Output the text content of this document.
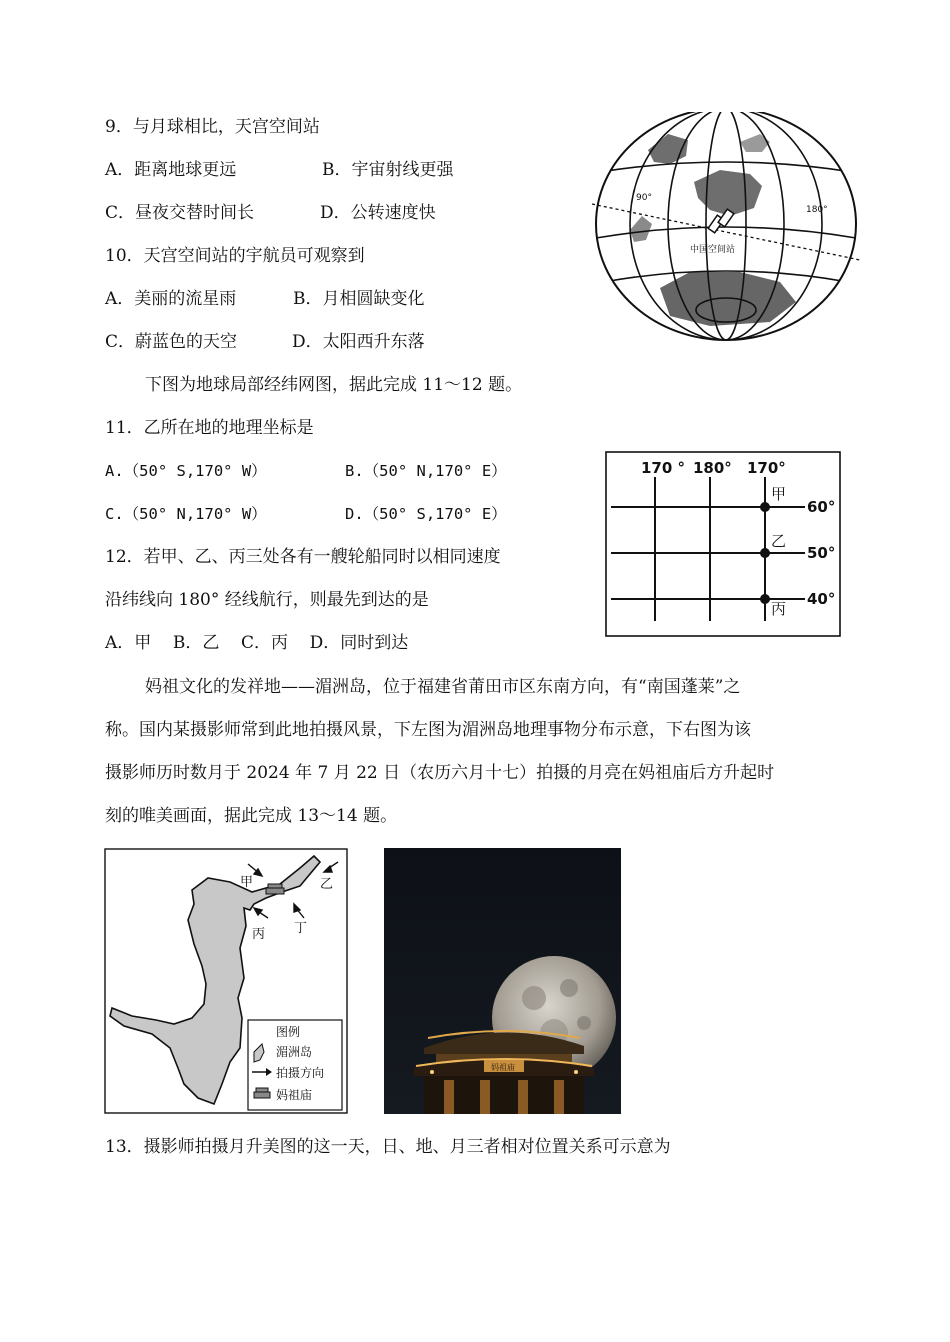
9．与月球相比，天宫空间站
A．距离地球更远	B．宇宙射线更强
C．昼夜交替时间长	D．公转速度快
10．天宫空间站的宇航员可观察到
A．美丽的流星雨	B．月相圆缺变化
C．蔚蓝色的天空	D．太阳西升东落
下图为地球局部经纬网图，据此完成 11～12 题。
11．乙所在地的地理坐标是
A.（50° S,170° W）	B.（50° N,170° E）
C.（50° N,170° W）	D.（50° S,170° E）
12．若甲、乙、丙三处各有一艘轮船同时以相同速度
沿纬线向 180° 经线航行，则最先到达的是
A．甲    B．乙    C．丙    D．同时到达
妈祖文化的发祥地——湄洲岛，位于福建省莆田市区东南方向，有“南国蓬莱”之
称。国内某摄影师常到此地拍摄风景，下左图为湄洲岛地理事物分布示意，下右图为该
摄影师历时数月于 2024 年 7 月 22 日（农历六月十七）拍摄的月亮在妈祖庙后方升起时
刻的唯美画面，据此完成 13～14 题。
13．摄影师拍摄月升美图的这一天，日、地、月三者相对位置关系可示意为
中国空间站
90°
180°
170 ° 180° 170°
60°
50°
40°
甲
乙
丙
甲	乙
丙 丁
图例
湄洲岛
拍摄方向
妈祖庙
妈祖庙
